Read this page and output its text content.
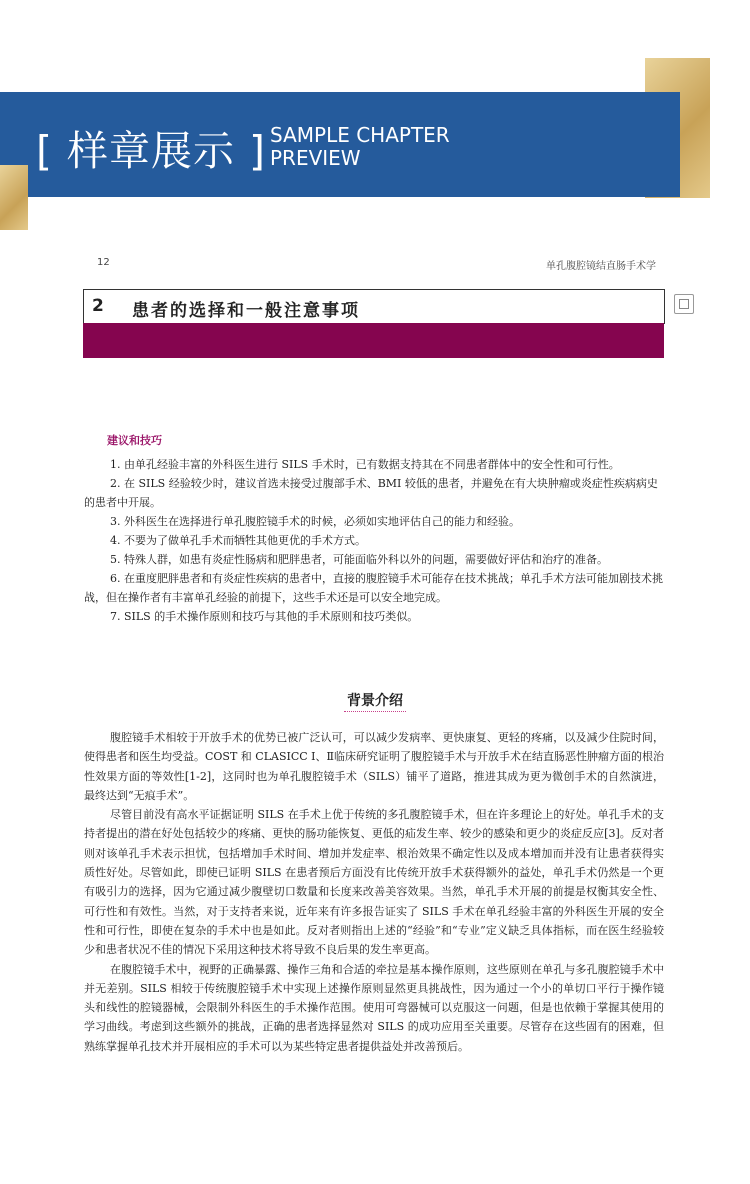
[ 样章展示 ] SAMPLE CHAPTER PREVIEW
12	单孔腹腔镜结直肠手术学
2 患者的选择和一般注意事项
建议和技巧

1. 由单孔经验丰富的外科医生进行 SILS 手术时，已有数据支持其在不同患者群体中的安全性和可行性。

2. 在 SILS 经验较少时，建议首选未接受过腹部手术、BMI 较低的患者，并避免在有大块肿瘤或炎症性疾病病史的患者中开展。

3. 外科医生在选择进行单孔腹腔镜手术的时候，必须如实地评估自己的能力和经验。

4. 不要为了做单孔手术而牺牲其他更优的手术方式。

5. 特殊人群，如患有炎症性肠病和肥胖患者，可能面临外科以外的问题，需要做好评估和治疗的准备。

6. 在重度肥胖患者和有炎症性疾病的患者中，直接的腹腔镜手术可能存在技术挑战；单孔手术方法可能加剧技术挑战，但在操作者有丰富单孔经验的前提下，这些手术还是可以安全地完成。

7. SILS 的手术操作原则和技巧与其他的手术原则和技巧类似。

背景介绍

腹腔镜手术相较于开放手术的优势已被广泛认可，可以减少发病率、更快康复、更轻的疼痛，以及减少住院时间，使得患者和医生均受益。COST 和 CLASICC Ⅰ、Ⅱ临床研究证明了腹腔镜手术与开放手术在结直肠恶性肿瘤方面的根治性效果方面的等效性[1-2]，这同时也为单孔腹腔镜手术（SILS）铺平了道路，推进其成为更为微创手术的自然演进，最终达到“无痕手术”。

尽管目前没有高水平证据证明 SILS 在手术上优于传统的多孔腹腔镜手术，但在许多理论上的好处。单孔手术的支持者提出的潜在好处包括较少的疼痛、更快的肠功能恢复、更低的疝发生率、较少的感染和更少的炎症反应[3]。反对者则对该单孔手术表示担忧，包括增加手术时间、增加并发症率、根治效果不确定性以及成本增加而并没有让患者获得实质性好处。尽管如此，即使已证明 SILS 在患者预后方面没有比传统开放手术获得额外的益处，单孔手术仍然是一个更有吸引力的选择，因为它通过减少腹壁切口数量和长度来改善美容效果。当然，单孔手术开展的前提是权衡其安全性、可行性和有效性。当然，对于支持者来说，近年来有许多报告证实了 SILS 手术在单孔经验丰富的外科医生开展的安全性和可行性，即使在复杂的手术中也是如此。反对者则指出上述的“经验”和“专业”定义缺乏具体指标，而在医生经验较少和患者状况不佳的情况下采用这种技术将导致不良后果的发生率更高。

在腹腔镜手术中，视野的正确暴露、操作三角和合适的牵拉是基本操作原则，这些原则在单孔与多孔腹腔镜手术中并无差别。SILS 相较于传统腹腔镜手术中实现上述操作原则显然更具挑战性，因为通过一个小的单切口平行于操作镜头和线性的腔镜器械，会限制外科医生的手术操作范围。使用可弯器械可以克服这一问题，但是也依赖于掌握其使用的学习曲线。考虑到这些额外的挑战，正确的患者选择显然对 SILS 的成功应用至关重要。尽管存在这些固有的困难，但熟练掌握单孔技术并开展相应的手术可以为某些特定患者提供益处并改善预后。
